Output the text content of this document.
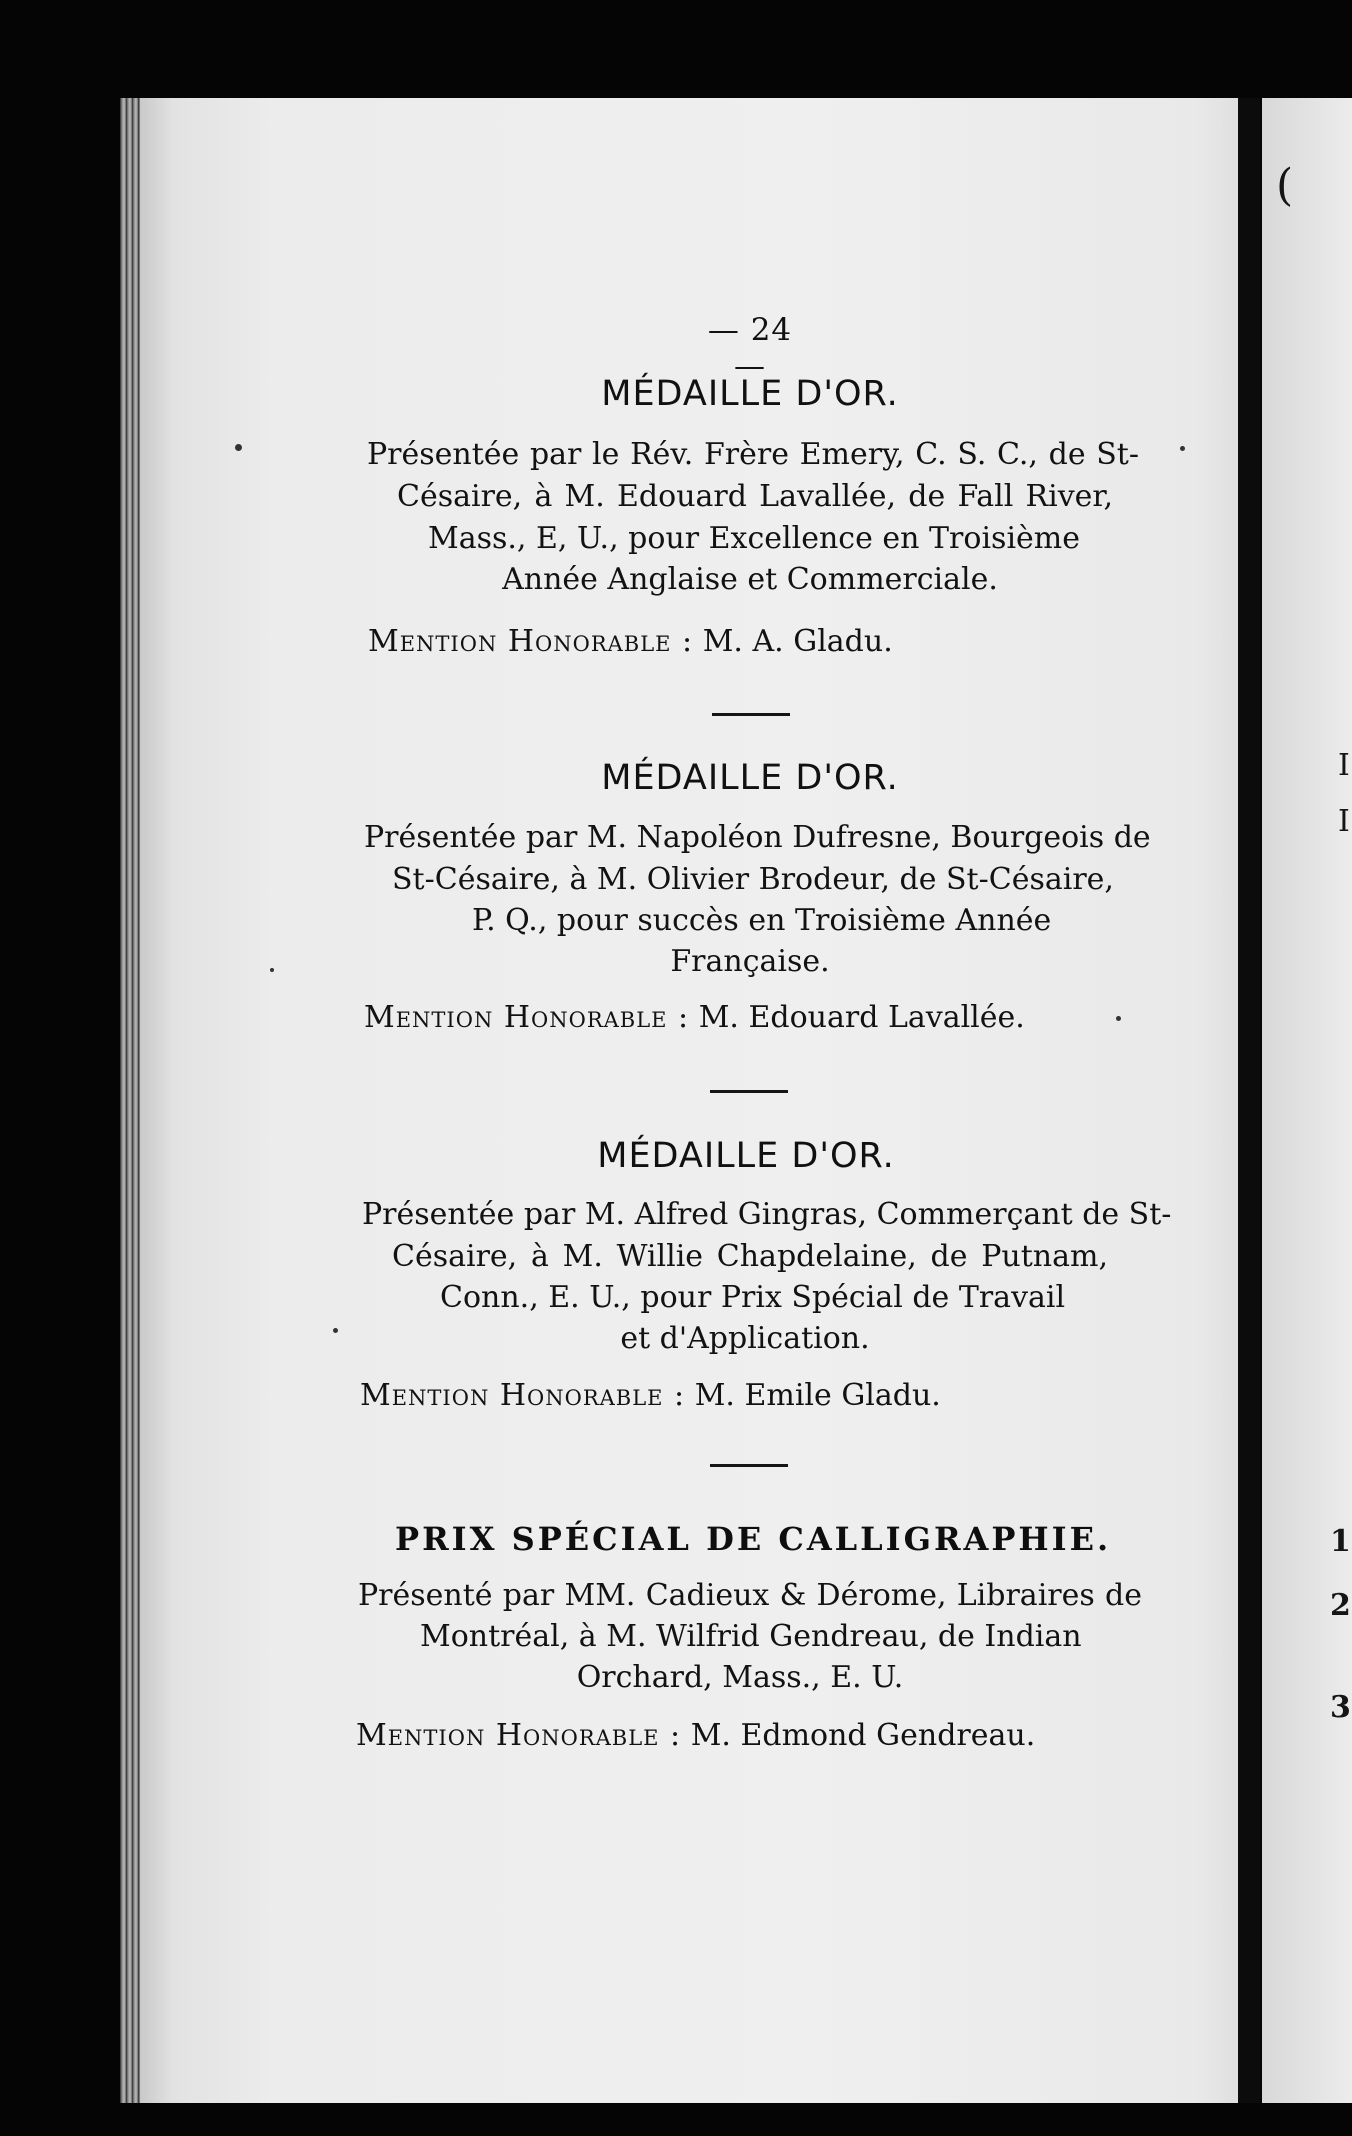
(
I
I
1
2
3
— 24 —
MÉDAILLE D'OR.
Présentée par le Rév. Frère Emery, C. S. C., de St-
Césaire, à M. Edouard Lavallée, de Fall River,
Mass., E, U., pour Excellence en Troisième
Année Anglaise et Commerciale.
Mention Honorable : M. A. Gladu.
MÉDAILLE D'OR.
Présentée par M. Napoléon Dufresne, Bourgeois de
St-Césaire, à M. Olivier Brodeur, de St-Césaire,
P. Q., pour succès en Troisième Année
Française.
Mention Honorable : M. Edouard Lavallée.
MÉDAILLE D'OR.
Présentée par M. Alfred Gingras, Commerçant de St-
Césaire, à M. Willie Chapdelaine, de Putnam,
Conn., E. U., pour Prix Spécial de Travail
et d'Application.
Mention Honorable : M. Emile Gladu.
PRIX SPÉCIAL DE CALLIGRAPHIE.
Présenté par MM. Cadieux & Dérome, Libraires de
Montréal, à M. Wilfrid Gendreau, de Indian
Orchard, Mass., E. U.
Mention Honorable : M. Edmond Gendreau.
